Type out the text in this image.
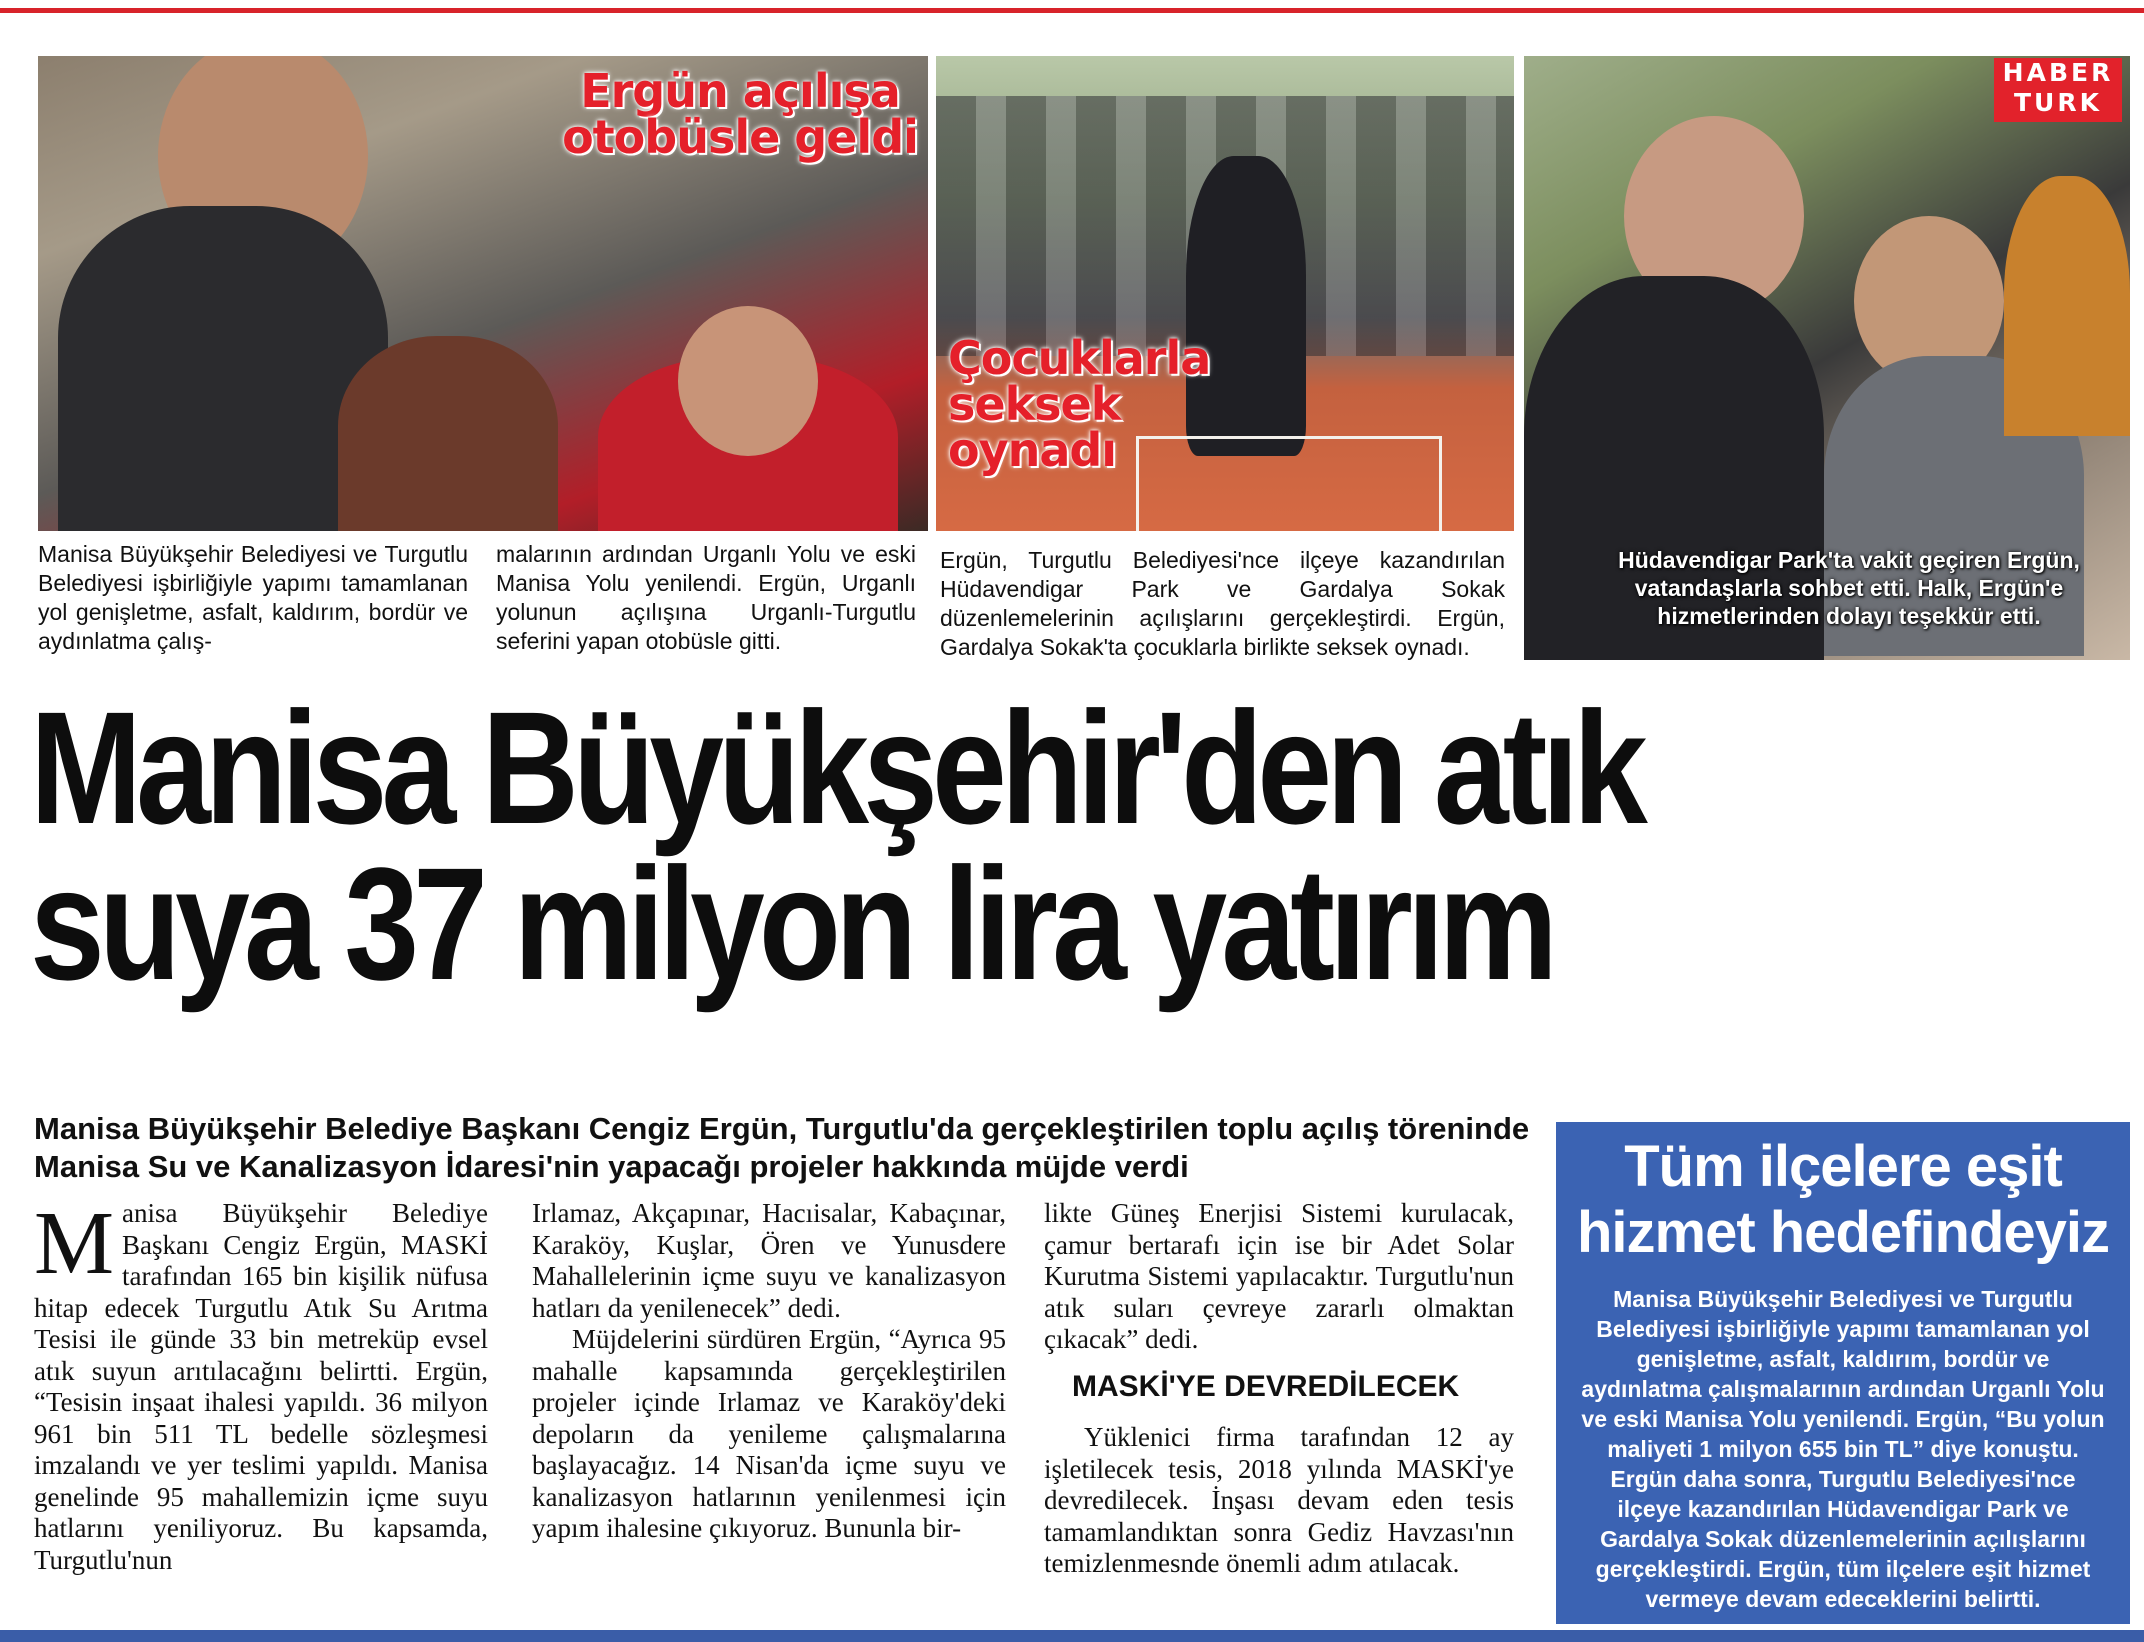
Ergün açılışa otobüsle geldi
Çocuklarla seksek oynadı
HABER
TURK
Hüdavendigar Park'ta vakit geçiren Ergün, vatandaşlarla sohbet etti. Halk, Ergün'e hizmetlerinden dolayı teşekkür etti.
Manisa Büyükşehir Belediyesi ve Turgutlu Belediyesi işbirliğiyle yapımı tamamlanan yol genişletme, asfalt, kaldırım, bordür ve aydınlatma çalış-
malarının ardından Urganlı Yolu ve eski Manisa Yolu yenilendi. Ergün, Urganlı yolunun açılışına Urganlı-Turgutlu seferini yapan otobüsle gitti.
Ergün, Turgutlu Belediyesi'nce ilçeye kazandırılan Hüdavendigar Park ve Gardalya Sokak düzenlemelerinin açılışlarını gerçekleştirdi. Ergün, Gardalya Sokak'ta çocuklarla birlikte seksek oynadı.
Manisa Büyükşehir'den atık
suya 37 milyon lira yatırım
Manisa Büyükşehir Belediye Başkanı Cengiz Ergün, Turgutlu'da gerçekleştirilen toplu açılış töreninde Manisa Su ve Kanalizasyon İdaresi'nin yapacağı projeler hakkında müjde verdi
M anisa Büyükşehir Belediye Başkanı Cengiz Ergün, MASKİ tarafından 165 bin kişilik nüfusa hitap edecek Turgutlu Atık Su Arıtma Tesisi ile günde 33 bin metreküp evsel atık suyun arıtılacağını belirtti. Ergün, “Tesisin inşaat ihalesi yapıldı. 36 milyon 961 bin 511 TL bedelle sözleşmesi imzalandı ve yer teslimi yapıldı. Manisa genelinde 95 mahallemizin içme suyu hatlarını yeniliyoruz. Bu kapsamda, Turgutlu'nun
Irlamaz, Akçapınar, Hacıisalar, Kabaçınar, Karaköy, Kuşlar, Ören ve Yunusdere Mahallelerinin içme suyu ve kanalizasyon hatları da yenilenecek” dedi.
Müjdelerini sürdüren Ergün, “Ayrıca 95 mahalle kapsamında gerçekleştirilen projeler içinde Irlamaz ve Karaköy'deki depoların da yenileme çalışmalarına başlayacağız. 14 Nisan'da içme suyu ve kanalizasyon hatlarının yenilenmesi için yapım ihalesine çıkıyoruz. Bununla bir-
likte Güneş Enerjisi Sistemi kurulacak, çamur bertarafı için ise bir Adet Solar Kurutma Sistemi yapılacaktır. Turgutlu'nun atık suları çevreye zararlı olmaktan çıkacak” dedi.
MASKİ'YE DEVREDİLECEK
Yüklenici firma tarafından 12 ay işletilecek tesis, 2018 yılında MASKİ'ye devredilecek. İnşası devam eden tesis tamamlandıktan sonra Gediz Havzası'nın temizlenmesnde önemli adım atılacak.
Tüm ilçelere eşit hizmet hedefindeyiz
Manisa Büyükşehir Belediyesi ve Turgutlu Belediyesi işbirliğiyle yapımı tamamlanan yol genişletme, asfalt, kaldırım, bordür ve aydınlatma çalışmalarının ardından Urganlı Yolu ve eski Manisa Yolu yenilendi. Ergün, “Bu yolun maliyeti 1 milyon 655 bin TL” diye konuştu. Ergün daha sonra, Turgutlu Belediyesi'nce ilçeye kazandırılan Hüdavendigar Park ve Gardalya Sokak düzenlemelerinin açılışlarını gerçekleştirdi. Ergün, tüm ilçelere eşit hizmet vermeye devam edeceklerini belirtti.
